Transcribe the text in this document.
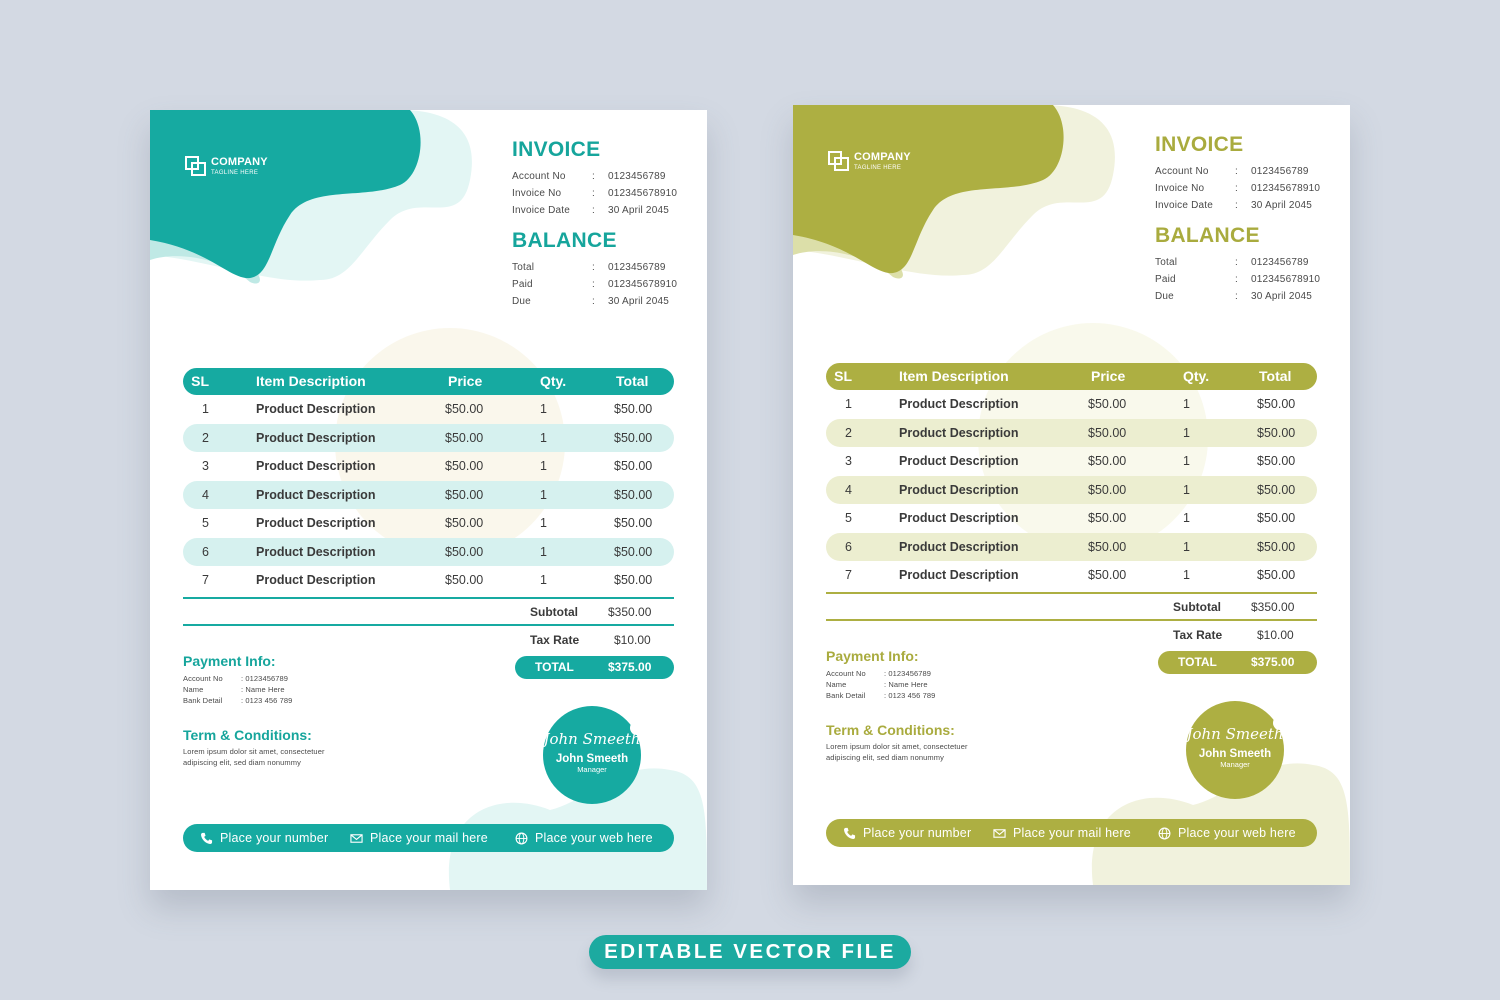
COMPANY
TAGLINE HERE
INVOICE
Account No	:	0123456789
Invoice No	:	012345678910
Invoice Date	:	30 April 2045
BALANCE
Total	:	0123456789
Paid	:	012345678910
Due	:	30 April 2045
SL	Item Description	Price	Qty.	Total
1	Product Description	$50.00	1	$50.00
2	Product Description	$50.00	1	$50.00
3	Product Description	$50.00	1	$50.00
4	Product Description	$50.00	1	$50.00
5	Product Description	$50.00	1	$50.00
6	Product Description	$50.00	1	$50.00
7	Product Description	$50.00	1	$50.00
Subtotal	$350.00
Tax Rate	$10.00
TOTAL	$375.00
Payment Info:
Account No	: 0123456789
Name	: Name Here
Bank Detail	: 0123 456 789
Term & Conditions:
Lorem ipsum dolor sit amet, consectetuer adipiscing elit, sed diam nonummy
John Smeeth
John Smeeth
Manager
Place your number	Place your mail here	Place your web here
COMPANY
TAGLINE HERE
INVOICE
Account No	:	0123456789
Invoice No	:	012345678910
Invoice Date	:	30 April 2045
BALANCE
Total	:	0123456789
Paid	:	012345678910
Due	:	30 April 2045
SL	Item Description	Price	Qty.	Total
1	Product Description	$50.00	1	$50.00
2	Product Description	$50.00	1	$50.00
3	Product Description	$50.00	1	$50.00
4	Product Description	$50.00	1	$50.00
5	Product Description	$50.00	1	$50.00
6	Product Description	$50.00	1	$50.00
7	Product Description	$50.00	1	$50.00
Subtotal	$350.00
Tax Rate	$10.00
TOTAL	$375.00
Payment Info:
Account No	: 0123456789
Name	: Name Here
Bank Detail	: 0123 456 789
Term & Conditions:
Lorem ipsum dolor sit amet, consectetuer adipiscing elit, sed diam nonummy
John Smeeth
John Smeeth
Manager
Place your number	Place your mail here	Place your web here
EDITABLE VECTOR FILE
